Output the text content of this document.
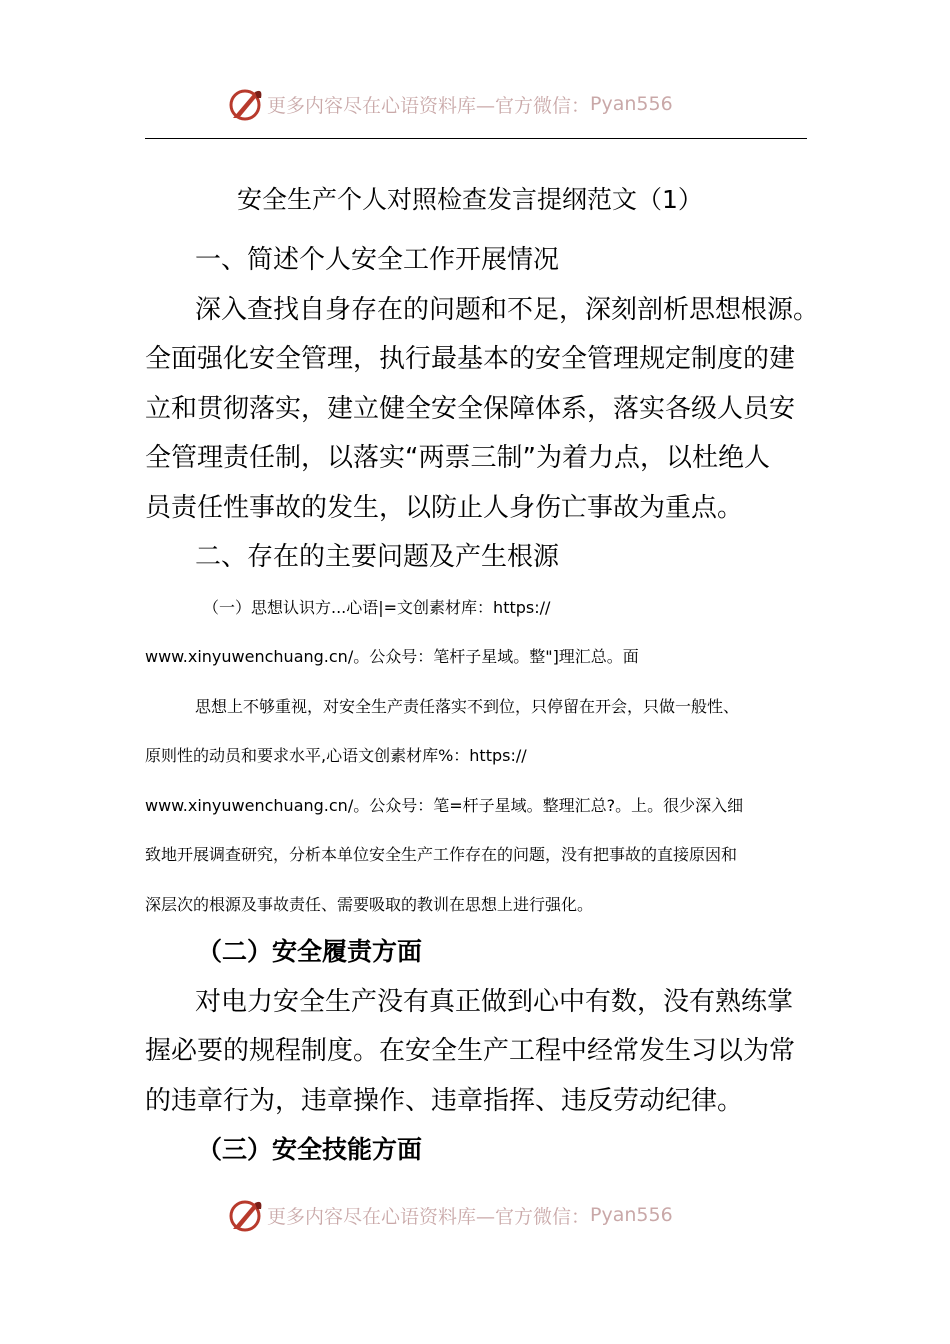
更多内容尽在心语资料库—官方微信： Pyan556
安全生产个人对照检查发言提纲范文（1）
一、简述个人安全工作开展情况
深入查找自身存在的问题和不足，深刻剖析思想根源。
全面强化安全管理，执行最基本的安全管理规定制度的建
立和贯彻落实，建立健全安全保障体系，落实各级人员安
全管理责任制，以落实“两票三制”为着力点，以杜绝人
员责任性事故的发生，以防止人身伤亡事故为重点。
二、存在的主要问题及产生根源
（一）思想认识方...心语|=文创素材库：https://
www.xinyuwenchuang.cn/。公众号：笔杆子星域。整"]理汇总。面
思想上不够重视，对安全生产责任落实不到位，只停留在开会，只做一般性、
原则性的动员和要求水平,心语文创素材库%：https://
www.xinyuwenchuang.cn/。公众号：笔=杆子星域。整理汇总?。上。很少深入细
致地开展调查研究，分析本单位安全生产工作存在的问题，没有把事故的直接原因和
深层次的根源及事故责任、需要吸取的教训在思想上进行强化。
（二）安全履责方面
对电力安全生产没有真正做到心中有数，没有熟练掌
握必要的规程制度。在安全生产工程中经常发生习以为常
的违章行为，违章操作、违章指挥、违反劳动纪律。
（三）安全技能方面
更多内容尽在心语资料库—官方微信： Pyan556
